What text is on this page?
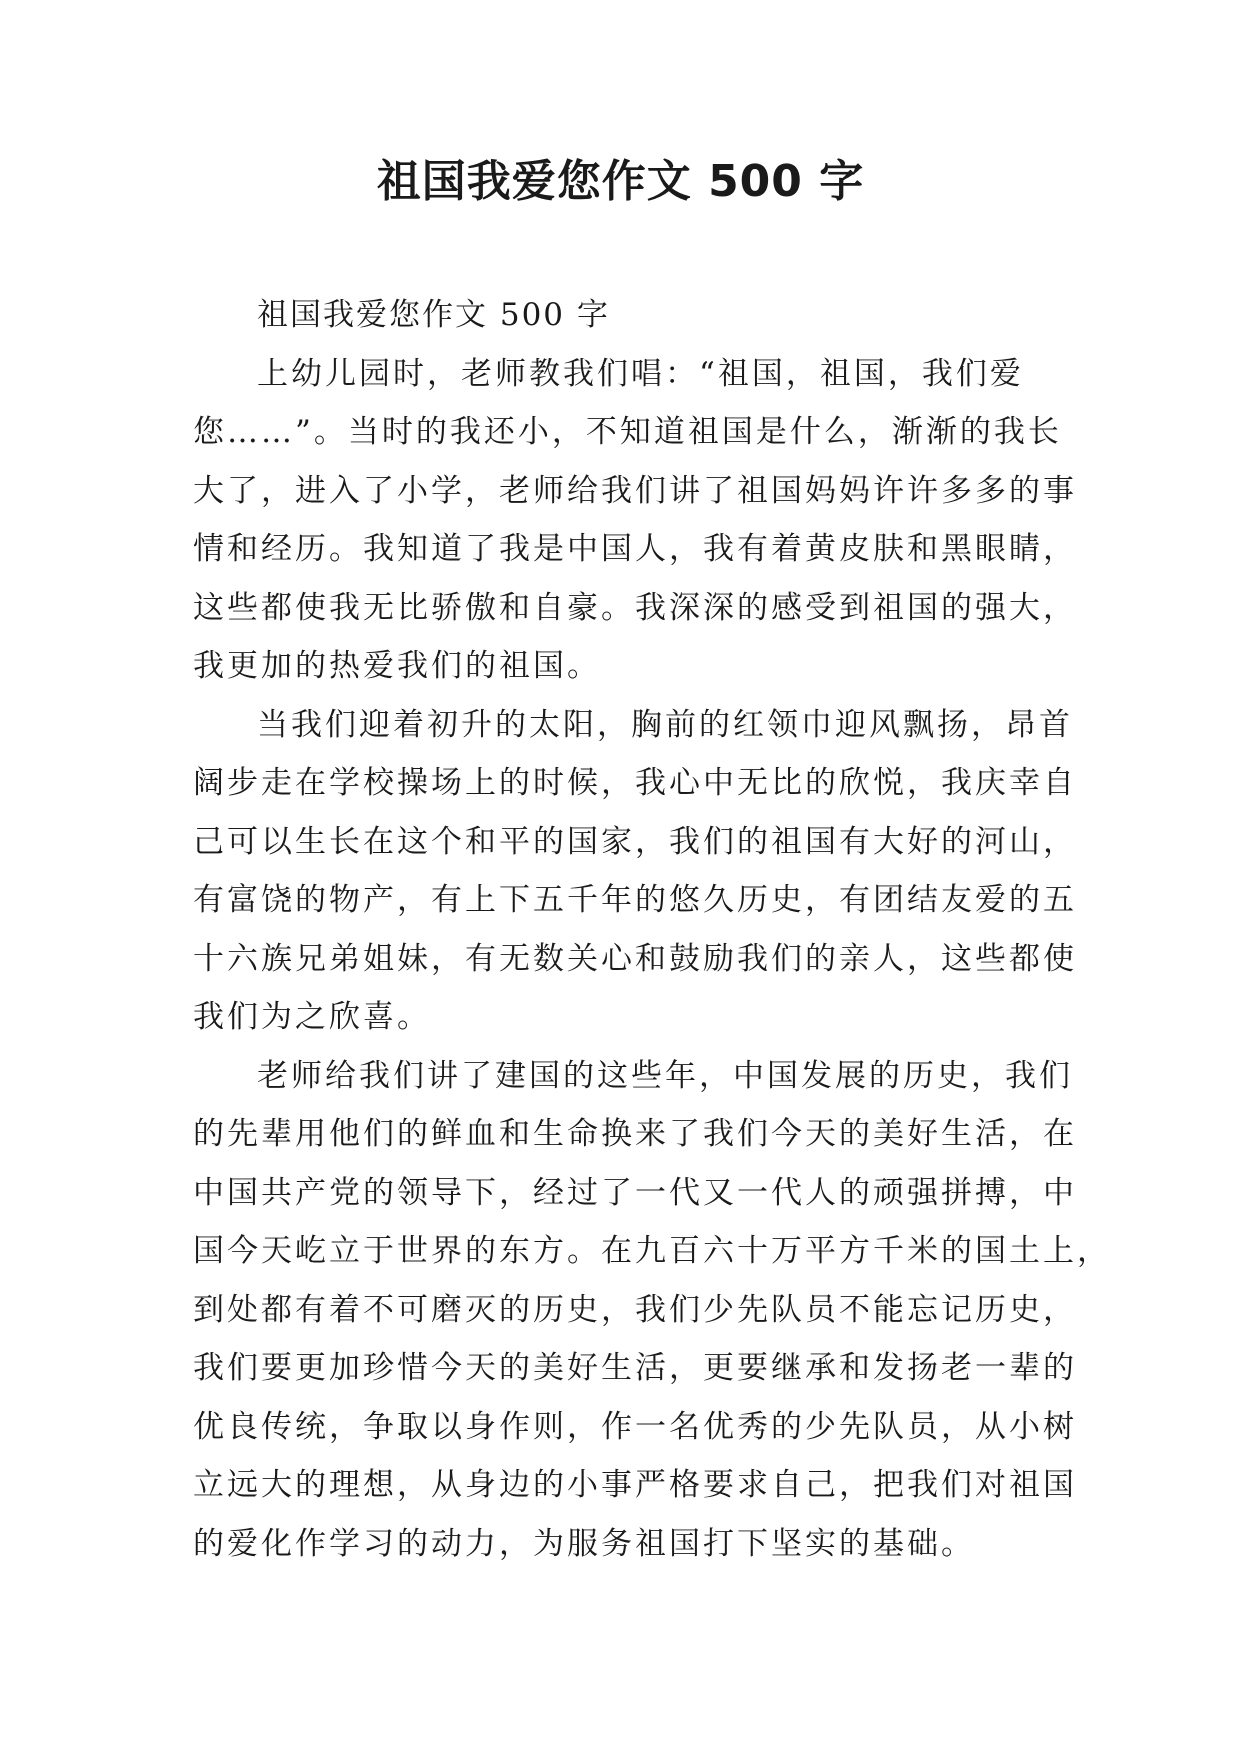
祖国我爱您作文 500 字
祖国我爱您作文 500 字
上幼儿园时，老师教我们唱：“祖国，祖国，我们爱
您……”。当时的我还小，不知道祖国是什么，渐渐的我长
大了，进入了小学，老师给我们讲了祖国妈妈许许多多的事
情和经历。我知道了我是中国人，我有着黄皮肤和黑眼睛，
这些都使我无比骄傲和自豪。我深深的感受到祖国的强大，
我更加的热爱我们的祖国。
当我们迎着初升的太阳，胸前的红领巾迎风飘扬，昂首
阔步走在学校操场上的时候，我心中无比的欣悦，我庆幸自
己可以生长在这个和平的国家，我们的祖国有大好的河山，
有富饶的物产，有上下五千年的悠久历史，有团结友爱的五
十六族兄弟姐妹，有无数关心和鼓励我们的亲人，这些都使
我们为之欣喜。
老师给我们讲了建国的这些年，中国发展的历史，我们
的先辈用他们的鲜血和生命换来了我们今天的美好生活，在
中国共产党的领导下，经过了一代又一代人的顽强拼搏，中
国今天屹立于世界的东方。在九百六十万平方千米的国土上，
到处都有着不可磨灭的历史，我们少先队员不能忘记历史，
我们要更加珍惜今天的美好生活，更要继承和发扬老一辈的
优良传统，争取以身作则，作一名优秀的少先队员，从小树
立远大的理想，从身边的小事严格要求自己，把我们对祖国
的爱化作学习的动力，为服务祖国打下坚实的基础。
